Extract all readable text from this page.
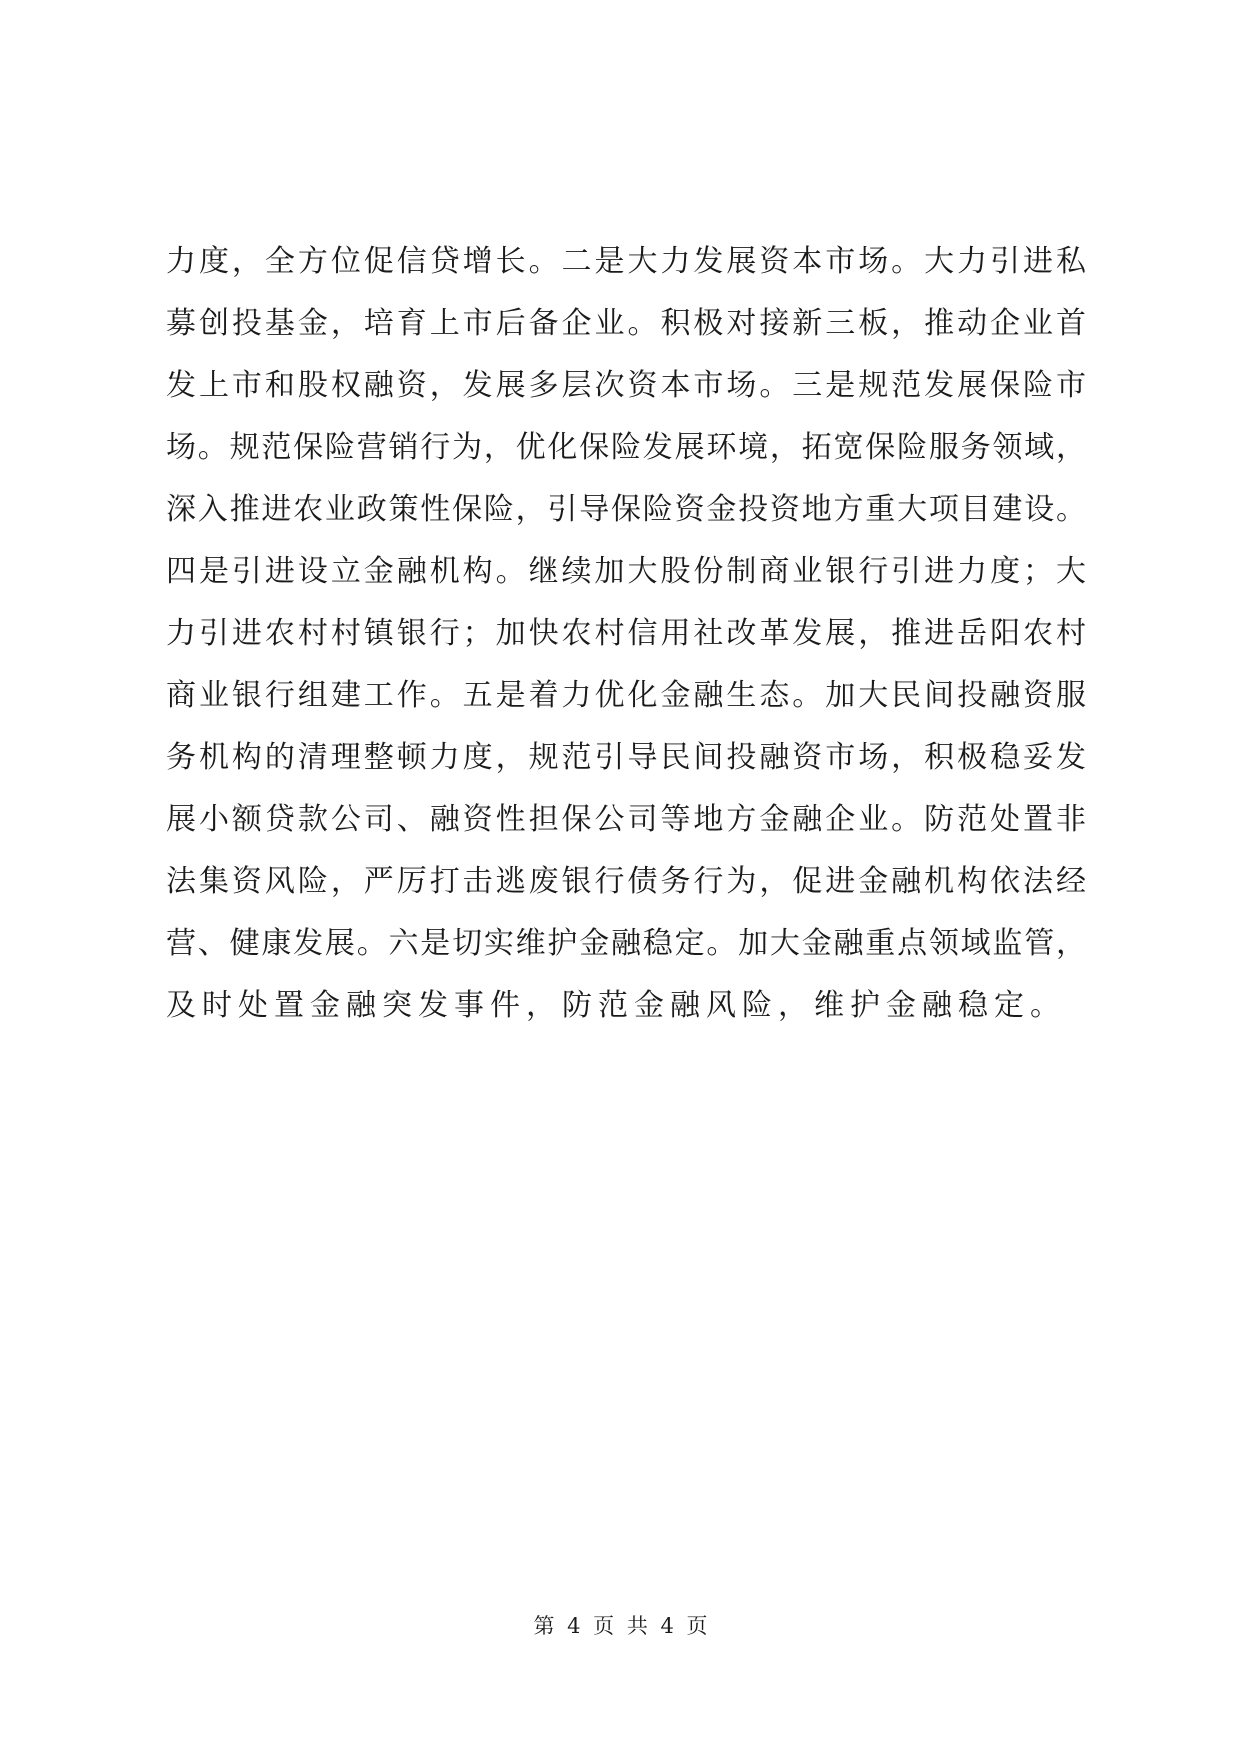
力度，全方位促信贷增长。二是大力发展资本市场。大力引进私
募创投基金，培育上市后备企业。积极对接新三板，推动企业首
发上市和股权融资，发展多层次资本市场。三是规范发展保险市
场。规范保险营销行为，优化保险发展环境，拓宽保险服务领域，
深入推进农业政策性保险，引导保险资金投资地方重大项目建设。
四是引进设立金融机构。继续加大股份制商业银行引进力度；大
力引进农村村镇银行；加快农村信用社改革发展，推进岳阳农村
商业银行组建工作。五是着力优化金融生态。加大民间投融资服
务机构的清理整顿力度，规范引导民间投融资市场，积极稳妥发
展小额贷款公司、融资性担保公司等地方金融企业。防范处置非
法集资风险，严厉打击逃废银行债务行为，促进金融机构依法经
营、健康发展。六是切实维护金融稳定。加大金融重点领域监管，
及时处置金融突发事件，防范金融风险，维护金融稳定。
第 4 页 共 4 页
